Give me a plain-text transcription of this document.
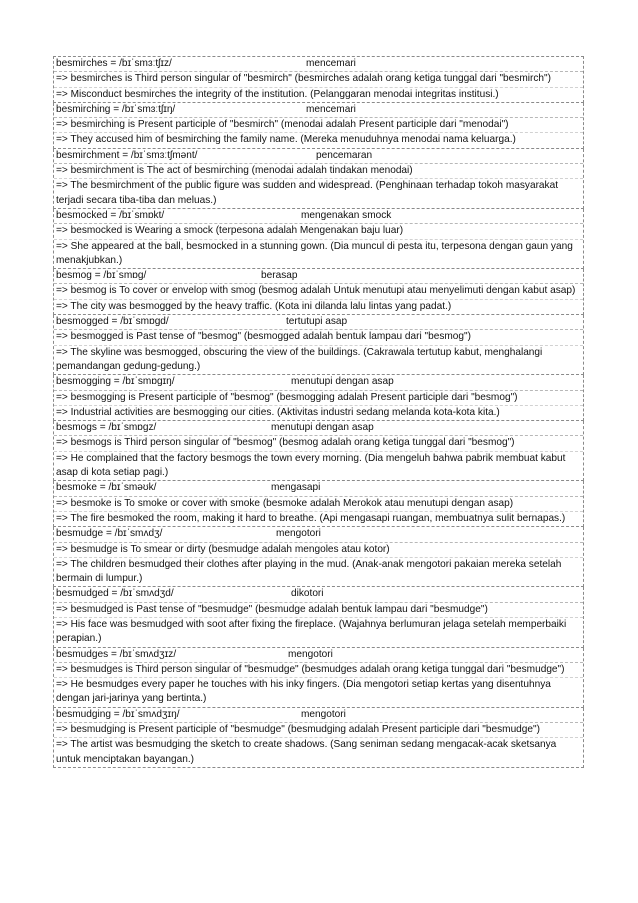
besmirches = /bɪˈsmɜːtʃɪz/	mencemari
=> besmirches is Third person singular of "besmirch" (besmirches adalah orang ketiga tunggal dari "besmirch")
=> Misconduct besmirches the integrity of the institution. (Pelanggaran menodai integritas institusi.)
besmirching = /bɪˈsmɜːtʃɪŋ/	mencemari
=> besmirching is Present participle of "besmirch" (menodai adalah Present participle dari "menodai")
=> They accused him of besmirching the family name. (Mereka menuduhnya menodai nama keluarga.)
besmirchment = /bɪˈsmɜːtʃmənt/	pencemaran
=> besmirchment is The act of besmirching (menodai adalah tindakan menodai)
=> The besmirchment of the public figure was sudden and widespread. (Penghinaan terhadap tokoh masyarakat terjadi secara tiba-tiba dan meluas.)
besmocked = /bɪˈsmɒkt/	mengenakan smock
=> besmocked is Wearing a smock (terpesona adalah Mengenakan baju luar)
=> She appeared at the ball, besmocked in a stunning gown. (Dia muncul di pesta itu, terpesona dengan gaun yang menakjubkan.)
besmog = /bɪˈsmɒɡ/	berasap
=> besmog is To cover or envelop with smog (besmog adalah Untuk menutupi atau menyelimuti dengan kabut asap)
=> The city was besmogged by the heavy traffic. (Kota ini dilanda lalu lintas yang padat.)
besmogged = /bɪˈsmɒɡd/	tertutupi asap
=> besmogged is Past tense of "besmog" (besmogged adalah bentuk lampau dari "besmog")
=> The skyline was besmogged, obscuring the view of the buildings. (Cakrawala tertutup kabut, menghalangi pemandangan gedung-gedung.)
besmogging = /bɪˈsmɒɡɪŋ/	menutupi dengan asap
=> besmogging is Present participle of "besmog" (besmogging adalah Present participle dari "besmog")
=> Industrial activities are besmogging our cities. (Aktivitas industri sedang melanda kota-kota kita.)
besmogs = /bɪˈsmɒɡz/	menutupi dengan asap
=> besmogs is Third person singular of "besmog" (besmog adalah orang ketiga tunggal dari "besmog")
=> He complained that the factory besmogs the town every morning. (Dia mengeluh bahwa pabrik membuat kabut asap di kota setiap pagi.)
besmoke = /bɪˈsməʊk/	mengasapi
=> besmoke is To smoke or cover with smoke (besmoke adalah Merokok atau menutupi dengan asap)
=> The fire besmoked the room, making it hard to breathe. (Api mengasapi ruangan, membuatnya sulit bernapas.)
besmudge = /bɪˈsmʌdʒ/	mengotori
=> besmudge is To smear or dirty (besmudge adalah mengoles atau kotor)
=> The children besmudged their clothes after playing in the mud. (Anak-anak mengotori pakaian mereka setelah bermain di lumpur.)
besmudged = /bɪˈsmʌdʒd/	dikotori
=> besmudged is Past tense of "besmudge" (besmudge adalah bentuk lampau dari "besmudge")
=> His face was besmudged with soot after fixing the fireplace. (Wajahnya berlumuran jelaga setelah memperbaiki perapian.)
besmudges = /bɪˈsmʌdʒɪz/	mengotori
=> besmudges is Third person singular of "besmudge" (besmudges adalah orang ketiga tunggal dari "besmudge")
=> He besmudges every paper he touches with his inky fingers. (Dia mengotori setiap kertas yang disentuhnya dengan jari-jarinya yang bertinta.)
besmudging = /bɪˈsmʌdʒɪŋ/	mengotori
=> besmudging is Present participle of "besmudge" (besmudging adalah Present participle dari "besmudge")
=> The artist was besmudging the sketch to create shadows. (Sang seniman sedang mengacak-acak sketsanya untuk menciptakan bayangan.)
